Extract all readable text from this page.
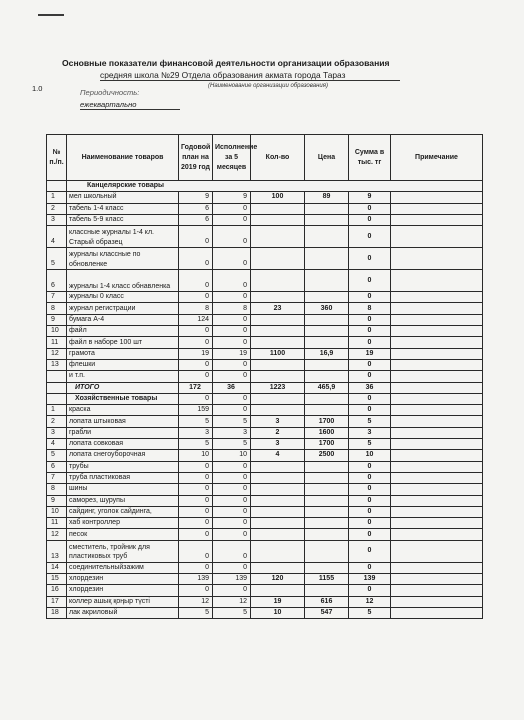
Основные показатели финансовой деятельности организации образования
средняя школа №29 Отдела образования акмата города Тараз
(Наименование организации образования)
1.0	Периодичность:
ежеквартально
№ п./п.	Наименование товаров	Годовой план на 2019 год	Исполнение за 5 месяцев	Кол-во	Цена	Сумма в тыс. тг	Примечание
	Канцелярские товары						
1	мел школьный	9	9	100	89	9	
2	табель 1-4 класс	6	0			0	
3	табель 5-9 класс	6	0			0	
4	классные журналы 1-4 кл. Старый образец	0	0			0	
5	журналы классные по обновленке	0	0			0	
6	журналы 1-4 класс обнавленка	0	0			0	
7	журналы 0 класс	0	0			0	
8	журнал регистрации	8	8	23	360	8	
9	бумага А-4	124	0			0	
10	файл	0	0			0	
11	файл в наборе 100 шт	0	0			0	
12	грамота	19	19	1100	16,9	19	
13	флешки	0	0			0	
	и т.п.	0	0			0	
	ИТОГО	172	36	1223	465,9	36	
	Хозяйственные товары	0	0			0	
1	краска	159	0			0	
2	лопата штыковая	5	5	3	1700	5	
3	грабли	3	3	2	1600	3	
4	лопата совковая	5	5	3	1700	5	
5	лопата снегоуборочная	10	10	4	2500	10	
6	трубы	0	0			0	
7	труба пластиковая	0	0			0	
8	шины	0	0			0	
9	саморез, шурупы	0	0			0	
10	сайдинг, уголок сайдинга,	0	0			0	
11	хаб контроллер	0	0			0	
12	песок	0	0			0	
13	сместитель, тройник для пластиковых труб	0	0			0	
14	соединительныйзажим	0	0			0	
15	хлордезин	139	139	120	1155	139	
16	хлордезин	0	0			0	
17	коллер ашық қоңыр түсті	12	12	19	616	12	
18	лак акриловый	5	5	10	547	5	
